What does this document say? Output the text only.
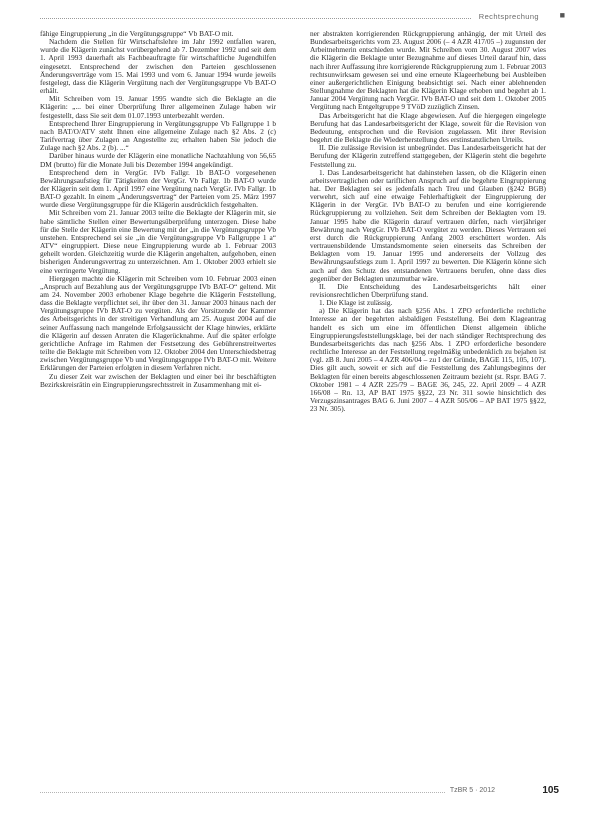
Rechtsprechung ■

fähige Eingruppierung „in die Vergütungsgruppe“ Vb BAT-O mit.

Nachdem die Stellen für Wirtschaftslehre im Jahr 1992 entfallen waren, wurde die Klägerin zunächst vorübergehend ab 7. Dezember 1992 und seit dem 1. April 1993 dauerhaft als Fachbeauftragte für wirtschaftliche Jugendhilfen eingesetzt. Entsprechend der zwischen den Parteien geschlossenen Änderungsverträge vom 15. Mai 1993 und vom 6. Januar 1994 wurde jeweils festgelegt, dass die Klägerin Vergütung nach der Vergütungsgruppe Vb BAT-O erhält.

Mit Schreiben vom 19. Januar 1995 wandte sich die Beklagte an die Klägerin: „... bei einer Überprüfung Ihrer allgemeinen Zulage haben wir festgestellt, dass Sie seit dem 01.07.1993 unterbezahlt werden.

Entsprechend Ihrer Eingruppierung in Vergütungsgruppe Vb Fallgruppe 1 b nach BAT/O/ATV steht Ihnen eine allgemeine Zulage nach §2 Abs. 2 (c) Tarifvertrag über Zulagen an Angestellte zu; erhalten haben Sie jedoch die Zulage nach §2 Abs. 2 (b). ...“

Darüber hinaus wurde der Klägerin eine monatliche Nachzahlung von 56,65 DM (brutto) für die Monate Juli bis Dezember 1994 angekündigt.

Entsprechend dem in VergGr. IVb Fallgr. 1b BAT-O vorgesehenen Bewährungsaufstieg für Tätigkeiten der VergGr. Vb Fallgr. 1b BAT-O wurde der Klägerin seit dem 1. April 1997 eine Vergütung nach VergGr. IVb Fallgr. 1b BAT-O gezahlt. In einem „Änderungsvertrag“ der Parteien vom 25. März 1997 wurde diese Vergütungsgruppe für die Klägerin ausdrücklich festgehalten.

Mit Schreiben vom 21. Januar 2003 teilte die Beklagte der Klägerin mit, sie habe sämtliche Stellen einer Bewertungsüberprüfung unterzogen. Diese habe für die Stelle der Klägerin eine Bewertung mit der „in die Vergütungsgruppe Vb unstehen. Entsprechend sei sie „in die Vergütungsgruppe Vb Fallgruppe 1 a“ ATV“ eingruppiert. Diese neue Eingruppierung wurde ab 1. Februar 2003 geheilt worden. Gleichzeitig wurde die Klägerin angehalten, aufgehoben, einen bisherigen Änderungsvertrag zu unterzeichnen. Am 1. Oktober 2003 erhielt sie eine verringerte Vergütung.

Hiergegen machte die Klägerin mit Schreiben vom 10. Februar 2003 einen „Anspruch auf Bezahlung aus der Vergütungsgruppe IVb BAT-O“ geltend. Mit am 24. November 2003 erhobener Klage begehrte die Klägerin Feststellung, dass die Beklagte verpflichtet sei, ihr über den 31. Januar 2003 hinaus nach der Vergütungsgruppe IVb BAT-O zu vergüten. Als der Vorsitzende der Kammer des Arbeitsgerichts in der streitigen Verhandlung am 25. August 2004 auf die seiner Auffassung nach mangelnde Erfolgsaussicht der Klage hinwies, erklärte die Klägerin auf dessen Anraten die Klagerücknahme. Auf die später erfolgte gerichtliche Anfrage im Rahmen der Festsetzung des Gebührenstreitwertes teilte die Beklagte mit Schreiben vom 12. Oktober 2004 den Unterschiedsbetrag zwischen Vergütungsgruppe Vb und Vergütungsgruppe IVb BAT-O mit. Weitere Erklärungen der Parteien erfolgten in diesem Verfahren nicht.

Zu dieser Zeit war zwischen der Beklagten und einer bei ihr beschäftigten Bezirkskreisrätin ein Eingruppierungsrechtsstreit in Zusammenhang mit ei-

ner abstrakten korrigierenden Rückgruppierung anhängig, der mit Urteil des Bundesarbeitsgerichts vom 23. August 2006 (– 4 AZR 417/05 –) zugunsten der Arbeitnehmerin entschieden wurde. Mit Schreiben vom 30. August 2007 wies die Klägerin die Beklagte unter Bezugnahme auf dieses Urteil darauf hin, dass nach ihrer Auffassung ihre korrigierende Rückgruppierung zum 1. Februar 2003 rechtsunwirksam gewesen sei und eine erneute Klageerhebung bei Ausbleiben einer außergerichtlichen Einigung beabsichtigt sei. Nach einer ablehnenden Stellungnahme der Beklagten hat die Klägerin Klage erhoben und begehrt ab 1. Januar 2004 Vergütung nach VergGr. IVb BAT-O und seit dem 1. Oktober 2005 Vergütung nach Entgeltgruppe 9 TVöD zuzüglich Zinsen.

Das Arbeitsgericht hat die Klage abgewiesen. Auf die hiergegen eingelegte Berufung hat das Landesarbeitsgericht der Klage, soweit für die Revision von Bedeutung, entsprochen und die Revision zugelassen. Mit ihrer Revision begehrt die Beklagte die Wiederherstellung des erstinstanzlichen Urteils.

II. Die zulässige Revision ist unbegründet. Das Landesarbeitsgericht hat der Berufung der Klägerin zutreffend stattgegeben, der Klägerin steht die begehrte Feststellung zu.

1. Das Landesarbeitsgericht hat dahinstehen lassen, ob die Klägerin einen arbeitsvertraglichen oder tariflichen Anspruch auf die begehrte Eingruppierung hat. Der Beklagten sei es jedenfalls nach Treu und Glauben (§242 BGB) verwehrt, sich auf eine etwaige Fehlerhaftigkeit der Eingruppierung der Klägerin in der VergGr. IVb BAT-O zu berufen und eine korrigierende Rückgruppierung zu vollziehen. Seit dem Schreiben der Beklagten vom 19. Januar 1995 habe die Klägerin darauf vertrauen dürfen, nach vierjähriger Bewährung nach VergGr. IVb BAT-O vergütet zu werden. Dieses Vertrauen sei erst durch die Rückgruppierung Anfang 2003 erschüttert worden. Als vertrauensbildende Umstandsmomente seien einerseits das Schreiben der Beklagten vom 19. Januar 1995 und andererseits der Vollzug des Bewährungsaufstiegs zum 1. April 1997 zu bewerten. Die Klägerin könne sich auch auf den Schutz des entstandenen Vertrauens berufen, ohne dass dies gegenüber der Beklagten unzumutbar wäre.

II. Die Entscheidung des Landesarbeitsgerichts hält einer revisionsrechtlichen Überprüfung stand.

1. Die Klage ist zulässig.

a) Die Klägerin hat das nach §256 Abs. 1 ZPO erforderliche rechtliche Interesse an der begehrten alsbaldigen Feststellung. Bei dem Klageantrag handelt es sich um eine im öffentlichen Dienst allgemein übliche Eingruppierungsfeststellungsklage, bei der nach ständiger Rechtsprechung des Bundesarbeitsgerichts das nach §256 Abs. 1 ZPO erforderliche besondere rechtliche Interesse an der Feststellung regelmäßig unbedenklich zu bejahen ist (vgl. zB 8. Juni 2005 – 4 AZR 406/04 – zu I der Gründe, BAGE 115, 105, 107). Dies gilt auch, soweit er sich auf die Feststellung des Zahlungsbeginns der Beklagten für einen bereits abgeschlossenen Zeitraum bezieht (st. Rspr. BAG 7. Oktober 1981 – 4 AZR 225/79 – BAGE 36, 245, 22. April 2009 – 4 AZR 166/08 – Rn. 13, AP BAT 1975 §§22, 23 Nr. 311 sowie hinsichtlich des Verzugszinsantrages BAG 6. Juni 2007 – 4 AZR 505/06 – AP BAT 1975 §§22, 23 Nr. 305).

TzBR 5 · 2012	105
